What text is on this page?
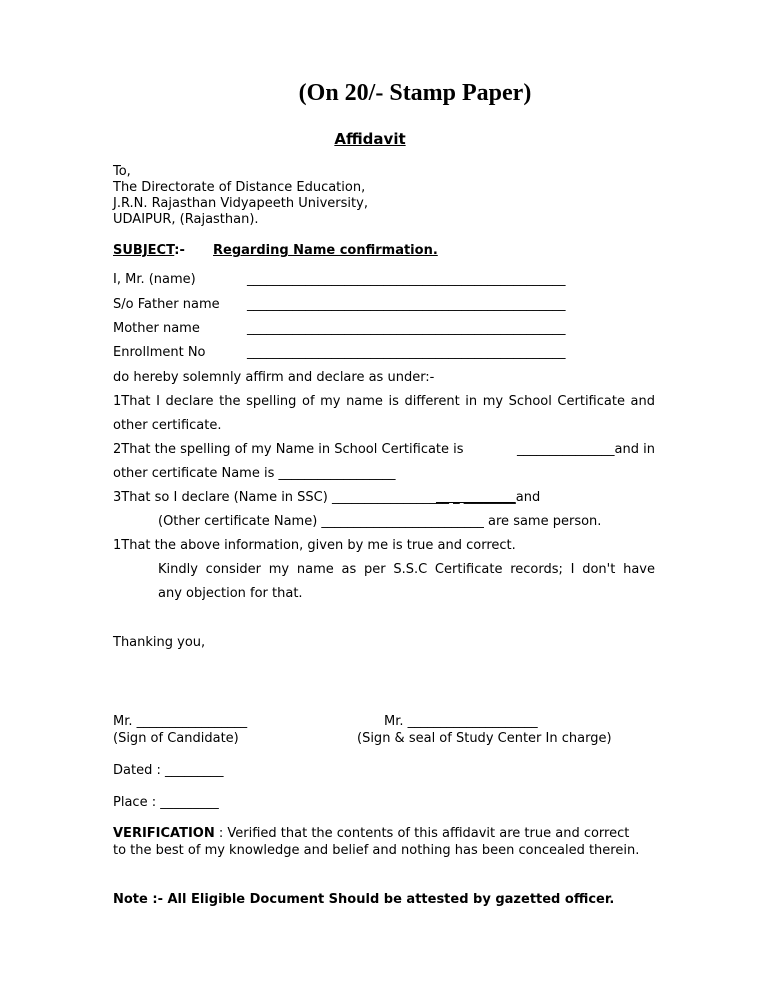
(On 20/- Stamp Paper)
Affidavit
To,
The Directorate of Distance Education,
J.R.N. Rajasthan Vidyapeeth University,
UDAIPUR, (Rajasthan).
SUBJECT:- Regarding Name confirmation.
I, Mr. (name)	_________________________________________________
S/o Father name _________________________________________________
Mother name	_________________________________________________
Enrollment No	_________________________________________________
do hereby solemnly affirm and declare as under:-
1That I declare the spelling of my name is different in my School Certificate and
other certificate.
2That the spelling of my Name in School Certificate is	_______________and in
other certificate Name is __________________
3That so I declare (Name in SSC) __________________ _ ________and
(Other certificate Name) _________________________ are same person.
1That the above information, given by me is true and correct.
Kindly consider my name as per S.S.C Certificate records; I don't have
any objection for that.
Thanking you,
Mr. _________________
(Sign of Candidate)
Mr. ____________________
(Sign & seal of Study Center In charge)
Dated : _________
Place : _________
VERIFICATION : Verified that the contents of this affidavit are true and correct
to the best of my knowledge and belief and nothing has been concealed therein.
Note :- All Eligible Document Should be attested by gazetted officer.
